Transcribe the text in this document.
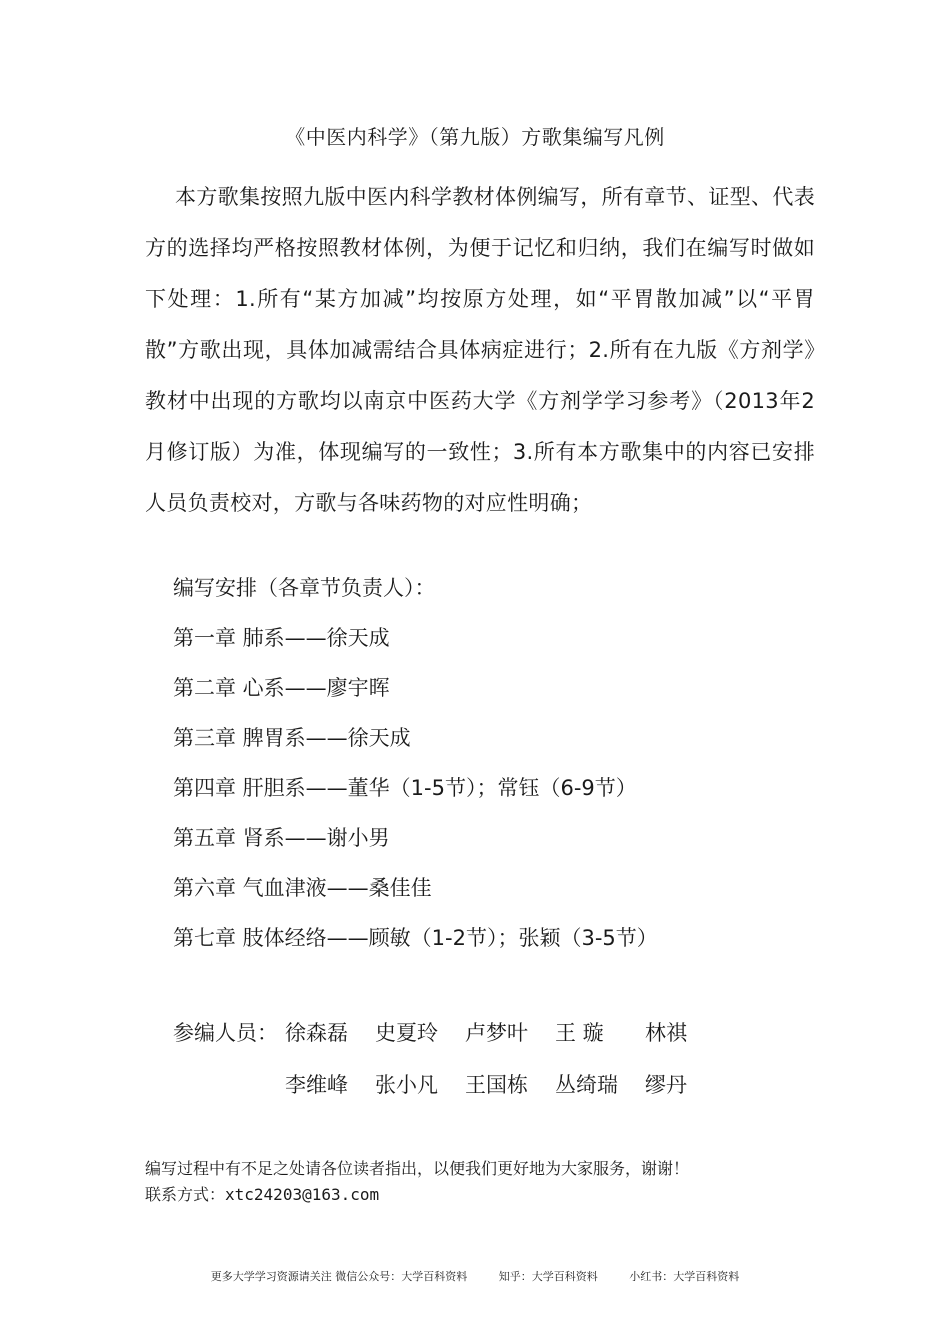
《中医内科学》（第九版）方歌集编写凡例

本方歌集按照九版中医内科学教材体例编写，所有章节、证型、代表方的选择均严格按照教材体例，为便于记忆和归纳，我们在编写时做如下处理：1.所有“某方加减”均按原方处理，如“平胃散加减”以“平胃散”方歌出现，具体加减需结合具体病症进行；2.所有在九版《方剂学》教材中出现的方歌均以南京中医药大学《方剂学学习参考》（2013年2月修订版）为准，体现编写的一致性；3.所有本方歌集中的内容已安排人员负责校对，方歌与各味药物的对应性明确；

编写安排（各章节负责人）：
第一章 肺系——徐天成
第二章 心系——廖宇晖
第三章 脾胃系——徐天成
第四章 肝胆系——董华（1-5节）；常钰（6-9节）
第五章 肾系——谢小男
第六章 气血津液——桑佳佳
第七章 肢体经络——顾敏（1-2节）；张颖（3-5节）
参编人员： 徐森磊	史夏玲	卢梦叶	王 璇	林祺
李维峰	张小凡	王国栋	丛绮瑞	缪丹
编写过程中有不足之处请各位读者指出，以便我们更好地为大家服务，谢谢！
联系方式：xtc24203@163.com
更多大学学习资源请关注 微信公众号：大学百科资料	知乎：大学百科资料	小红书：大学百科资料
